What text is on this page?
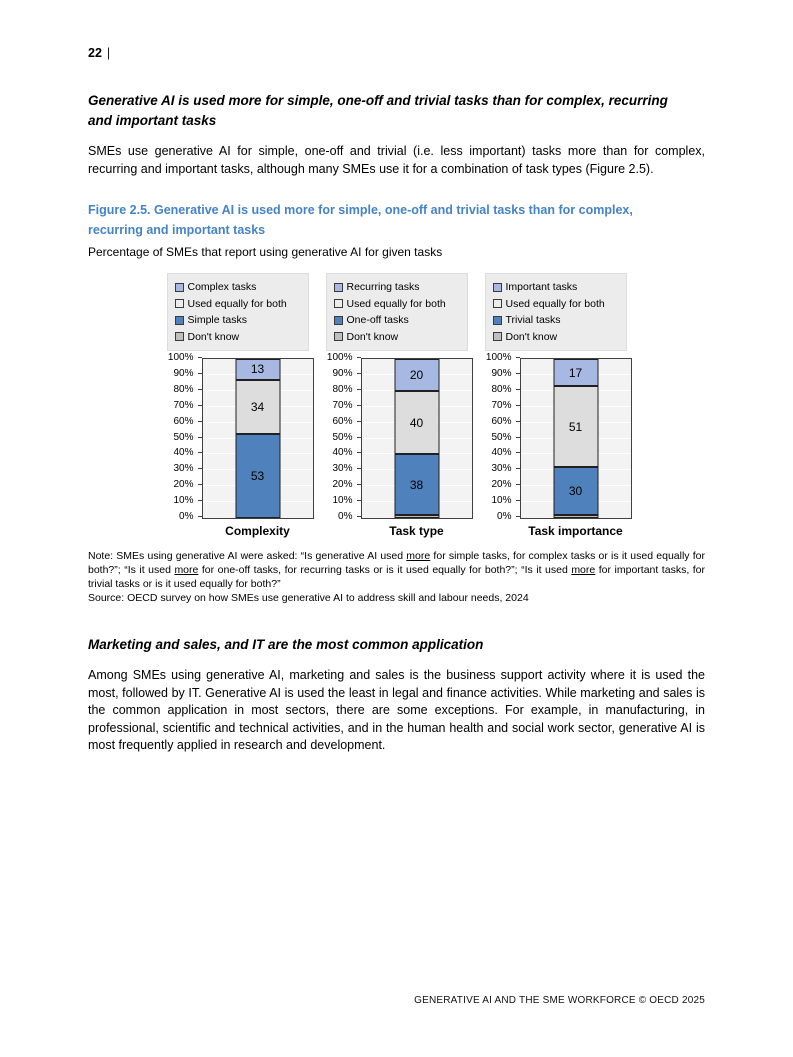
22 |
Generative AI is used more for simple, one-off and trivial tasks than for complex, recurring and important tasks

SMEs use generative AI for simple, one-off and trivial (i.e. less important) tasks more than for complex, recurring and important tasks, although many SMEs use it for a combination of task types (Figure 2.5).

Figure 2.5. Generative AI is used more for simple, one-off and trivial tasks than for complex, recurring and important tasks

Percentage of SMEs that report using generative AI for given tasks

Complex tasks
Used equally for both
Simple tasks
Don't know
0%
10%
20%
30%
40%
50%
60%
70%
80%
90%
100%
53
34
13
Complexity
Recurring tasks
Used equally for both
One-off tasks
Don't know
0%
10%
20%
30%
40%
50%
60%
70%
80%
90%
100%
38
40
20
Task type
Important tasks
Used equally for both
Trivial tasks
Don't know
0%
10%
20%
30%
40%
50%
60%
70%
80%
90%
100%
30
51
17
Task importance

Note: SMEs using generative AI were asked: “Is generative AI used more for simple tasks, for complex tasks or is it used equally for both?”; “Is it used more for one-off tasks, for recurring tasks or is it used equally for both?”; “Is it used more for important tasks, for trivial tasks or is it used equally for both?”

Source: OECD survey on how SMEs use generative AI to address skill and labour needs, 2024

Marketing and sales, and IT are the most common application

Among SMEs using generative AI, marketing and sales is the business support activity where it is used the most, followed by IT. Generative AI is used the least in legal and finance activities. While marketing and sales is the common application in most sectors, there are some exceptions. For example, in manufacturing, in professional, scientific and technical activities, and in the human health and social work sector, generative AI is most frequently applied in research and development.

GENERATIVE AI AND THE SME WORKFORCE © OECD 2025
